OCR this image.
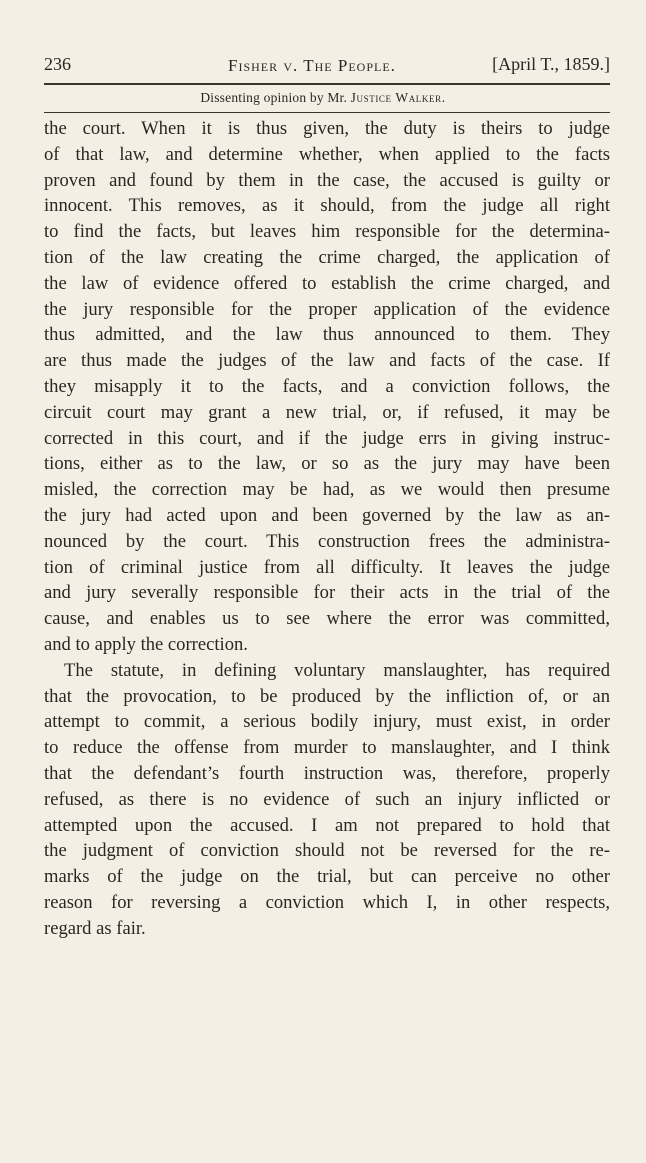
236	Fisher v. The People.	[April T., 1859.]
Dissenting opinion by Mr. Justice Walker.
the court. When it is thus given, the duty is theirs to judge
of that law, and determine whether, when applied to the facts
proven and found by them in the case, the accused is guilty or
innocent. This removes, as it should, from the judge all right
to find the facts, but leaves him responsible for the determina-
tion of the law creating the crime charged, the application of
the law of evidence offered to establish the crime charged, and
the jury responsible for the proper application of the evidence
thus admitted, and the law thus announced to them. They
are thus made the judges of the law and facts of the case. If
they misapply it to the facts, and a conviction follows, the
circuit court may grant a new trial, or, if refused, it may be
corrected in this court, and if the judge errs in giving instruc-
tions, either as to the law, or so as the jury may have been
misled, the correction may be had, as we would then presume
the jury had acted upon and been governed by the law as an-
nounced by the court. This construction frees the administra-
tion of criminal justice from all difficulty. It leaves the judge
and jury severally responsible for their acts in the trial of the
cause, and enables us to see where the error was committed,
and to apply the correction.
The statute, in defining voluntary manslaughter, has required
that the provocation, to be produced by the infliction of, or an
attempt to commit, a serious bodily injury, must exist, in order
to reduce the offense from murder to manslaughter, and I think
that the defendant’s fourth instruction was, therefore, properly
refused, as there is no evidence of such an injury inflicted or
attempted upon the accused. I am not prepared to hold that
the judgment of conviction should not be reversed for the re-
marks of the judge on the trial, but can perceive no other
reason for reversing a conviction which I, in other respects,
regard as fair.
